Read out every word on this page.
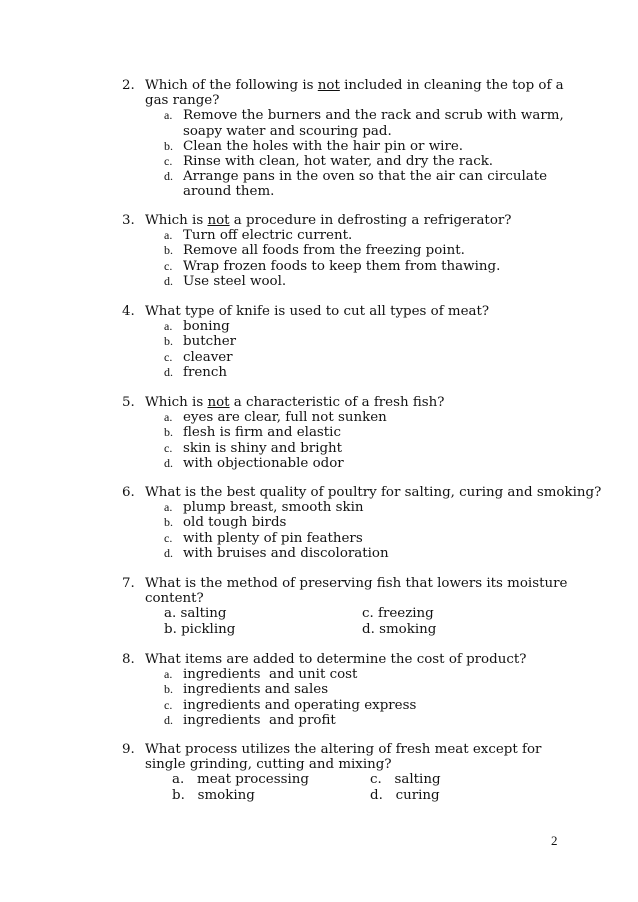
2. Which of the following is not included in cleaning the top of a gas range?
a. Remove the burners and the rack and scrub with warm, soapy water and scouring pad.
b. Clean the holes with the hair pin or wire.
c. Rinse with clean, hot water, and dry the rack.
d. Arrange pans in the oven so that the air can circulate around them.
3. Which is not a procedure in defrosting a refrigerator?
a. Turn off electric current.
b. Remove all foods from the freezing point.
c. Wrap frozen foods to keep them from thawing.
d. Use steel wool.
4. What type of knife is used to cut all types of meat?
a. boning
b. butcher
c. cleaver
d. french
5. Which is not a characteristic of a fresh fish?
a. eyes are clear, full not sunken
b. flesh is firm and elastic
c. skin is shiny and bright
d. with objectionable odor
6. What is the best quality of poultry for salting, curing and smoking?
a. plump breast, smooth skin
b. old tough birds
c. with plenty of pin feathers
d. with bruises and discoloration
7. What is the method of preserving fish that lowers its moisture content?
a. salting	c. freezing
b. pickling	d. smoking
8. What items are added to determine the cost of product?
a. ingredients  and unit cost
b. ingredients and sales
c. ingredients and operating express
d. ingredients  and profit
9. What process utilizes the altering of fresh meat except for single grinding, cutting and mixing?
a.   meat processing	c.   salting
b.   smoking	d.   curing
2
